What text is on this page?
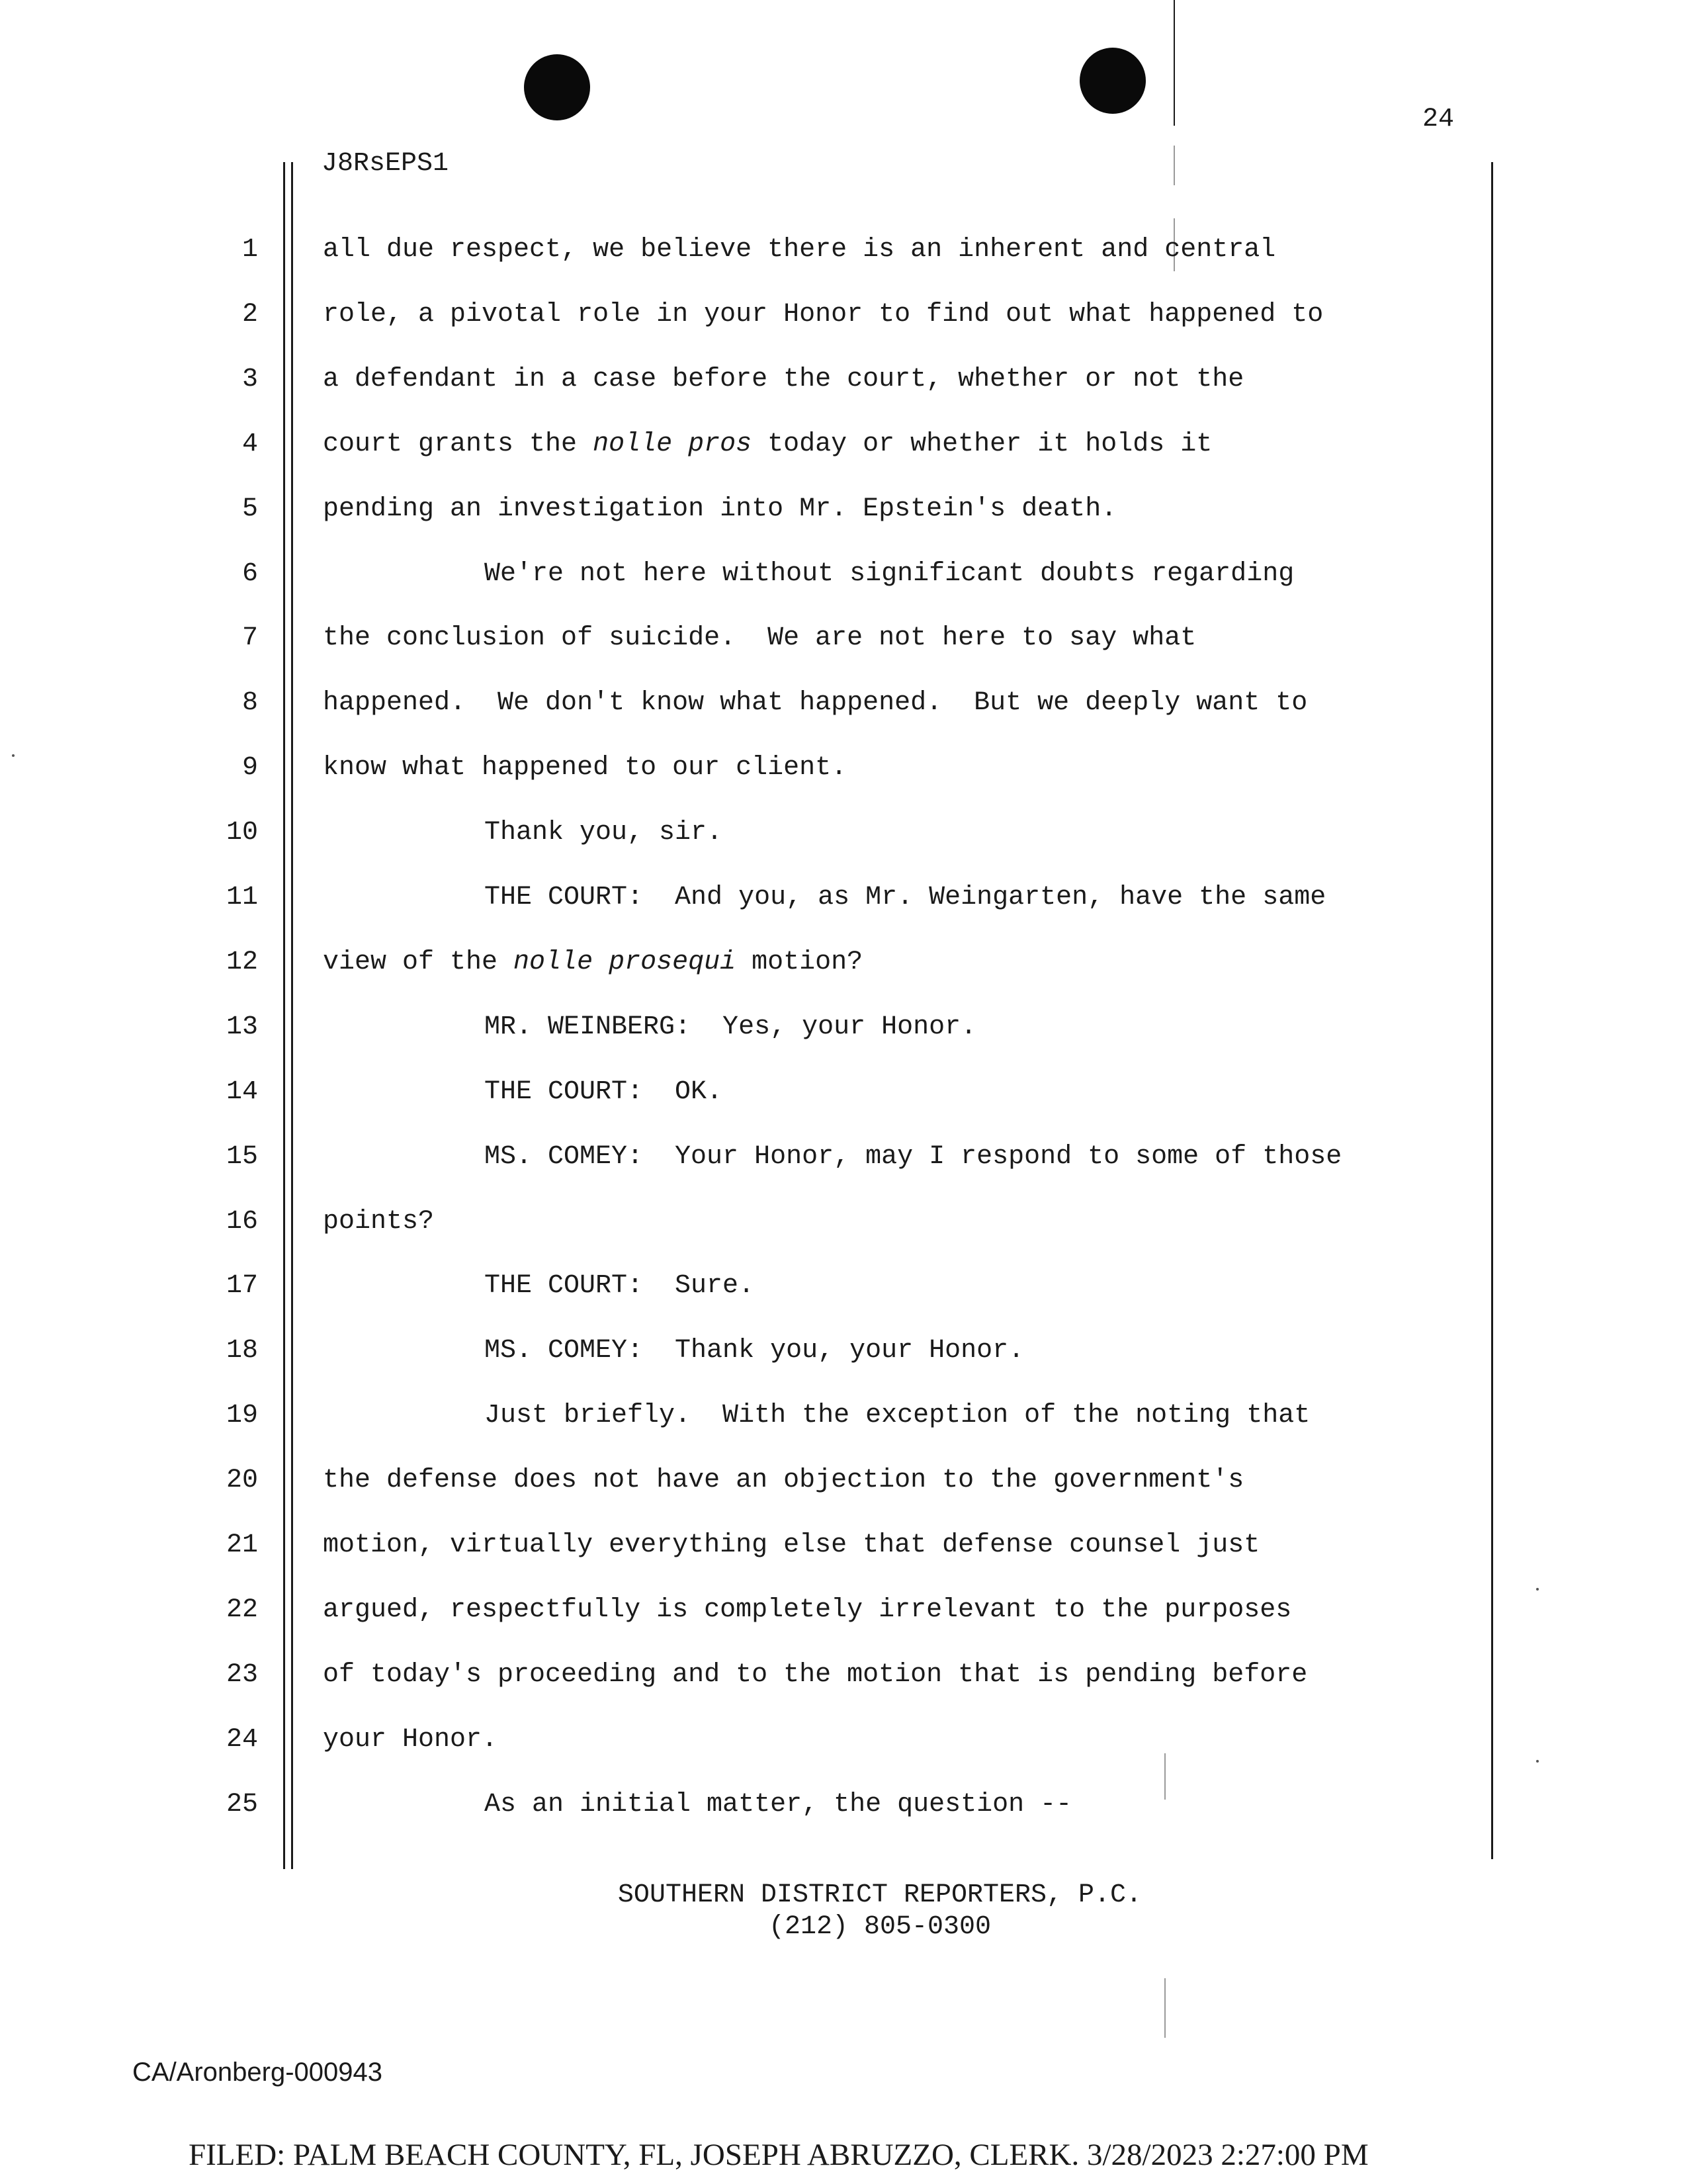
24
J8RsEPS1
1 all due respect, we believe there is an inherent and central
2 role, a pivotal role in your Honor to find out what happened to
3 a defendant in a case before the court, whether or not the
4 court grants the nolle pros today or whether it holds it
5 pending an investigation into Mr. Epstein's death.
6	We're not here without significant doubts regarding
7 the conclusion of suicide.  We are not here to say what
8 happened.  We don't know what happened.  But we deeply want to
9 know what happened to our client.
10	Thank you, sir.
11	THE COURT:  And you, as Mr. Weingarten, have the same
12 view of the nolle prosequi motion?
13	MR. WEINBERG:  Yes, your Honor.
14	THE COURT:  OK.
15	MS. COMEY:  Your Honor, may I respond to some of those
16 points?
17	THE COURT:  Sure.
18	MS. COMEY:  Thank you, your Honor.
19	Just briefly.  With the exception of the noting that
20 the defense does not have an objection to the government's
21 motion, virtually everything else that defense counsel just
22 argued, respectfully is completely irrelevant to the purposes
23 of today's proceeding and to the motion that is pending before
24 your Honor.
25	As an initial matter, the question --
SOUTHERN DISTRICT REPORTERS, P.C.
(212) 805-0300
CA/Aronberg-000943
FILED: PALM BEACH COUNTY, FL, JOSEPH ABRUZZO, CLERK. 3/28/2023 2:27:00 PM
